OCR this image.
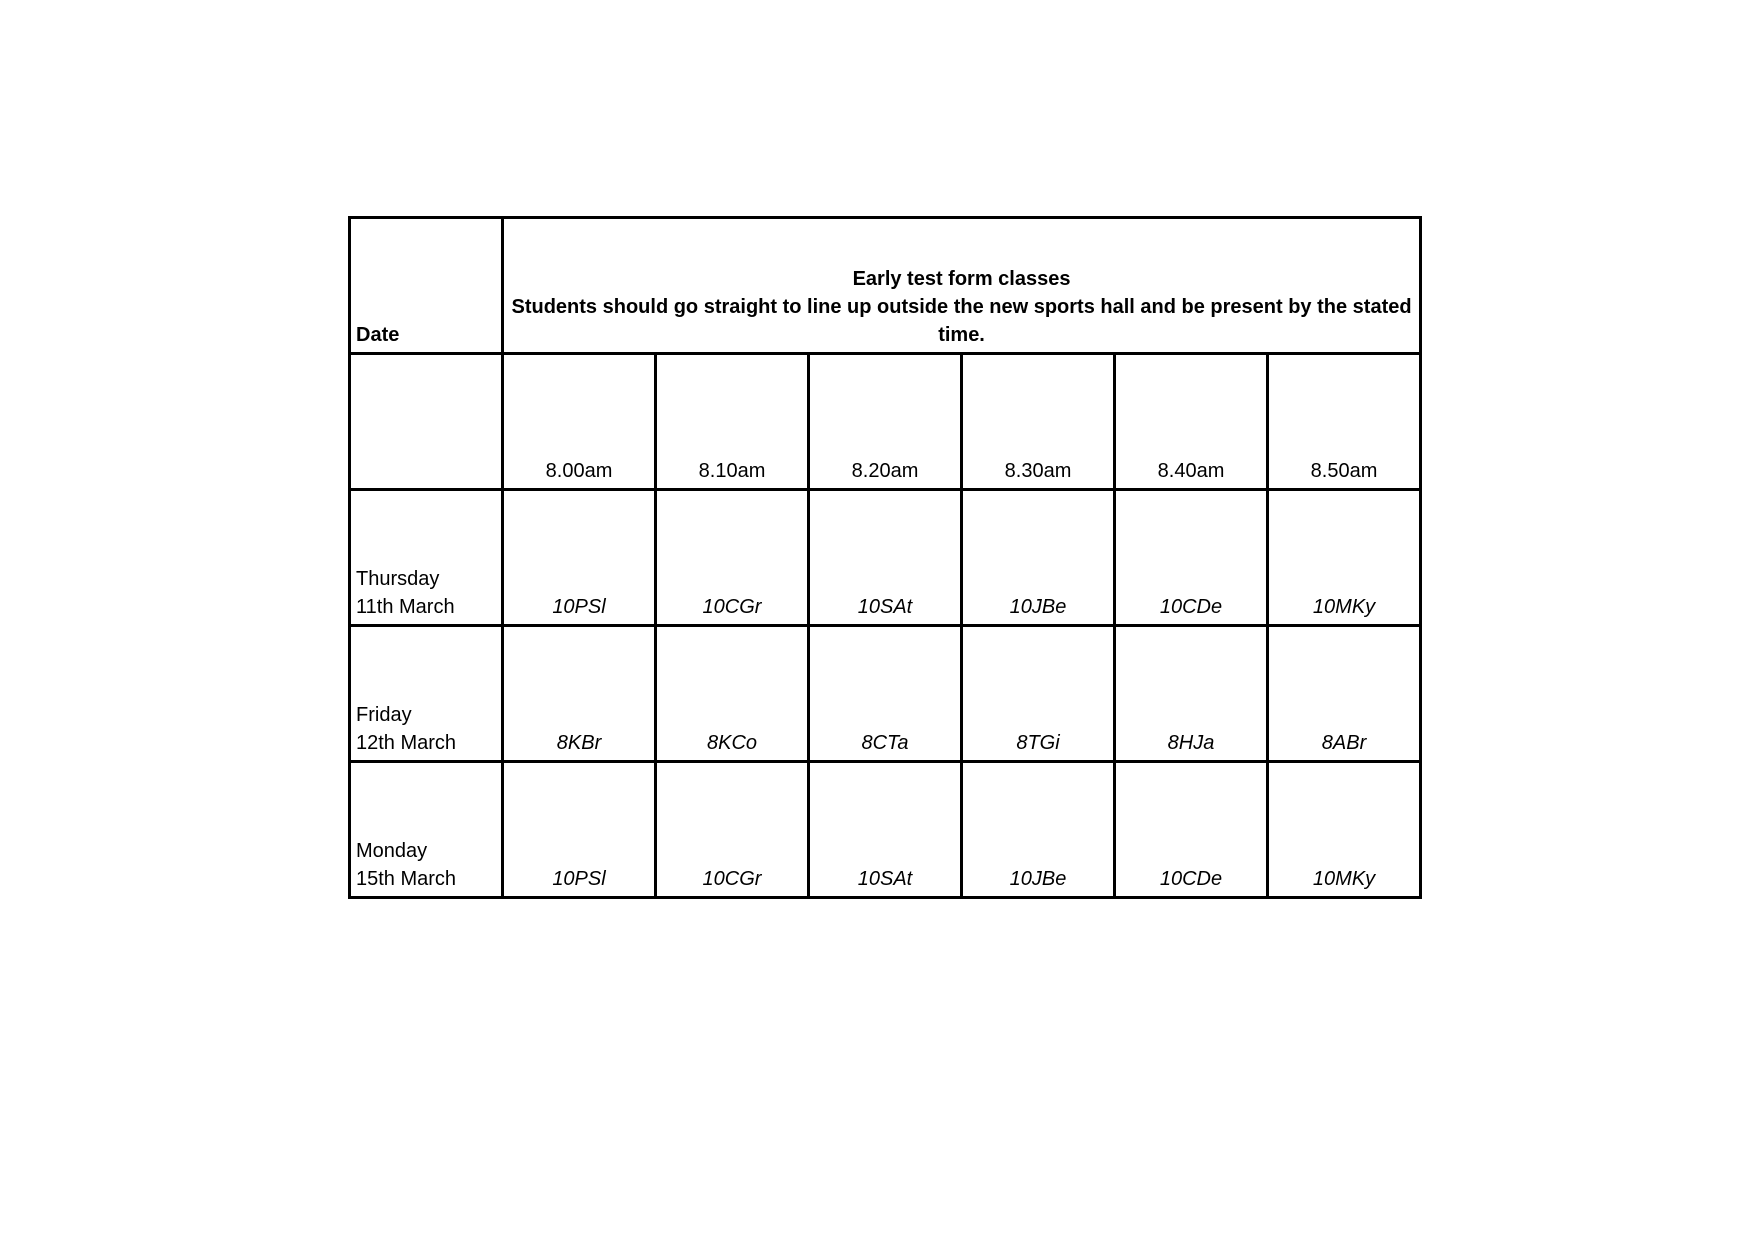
Date	Early test form classes
Students should go straight to line up outside the new sports hall and be present by the stated time.					

	8.00am	8.10am	8.20am	8.30am	8.40am	8.50am

Thursday
11th March	10PSl	10CGr	10SAt	10JBe	10CDe	10MKy

Friday
12th March	8KBr	8KCo	8CTa	8TGi	8HJa	8ABr

Monday
15th March	10PSl	10CGr	10SAt	10JBe	10CDe	10MKy
